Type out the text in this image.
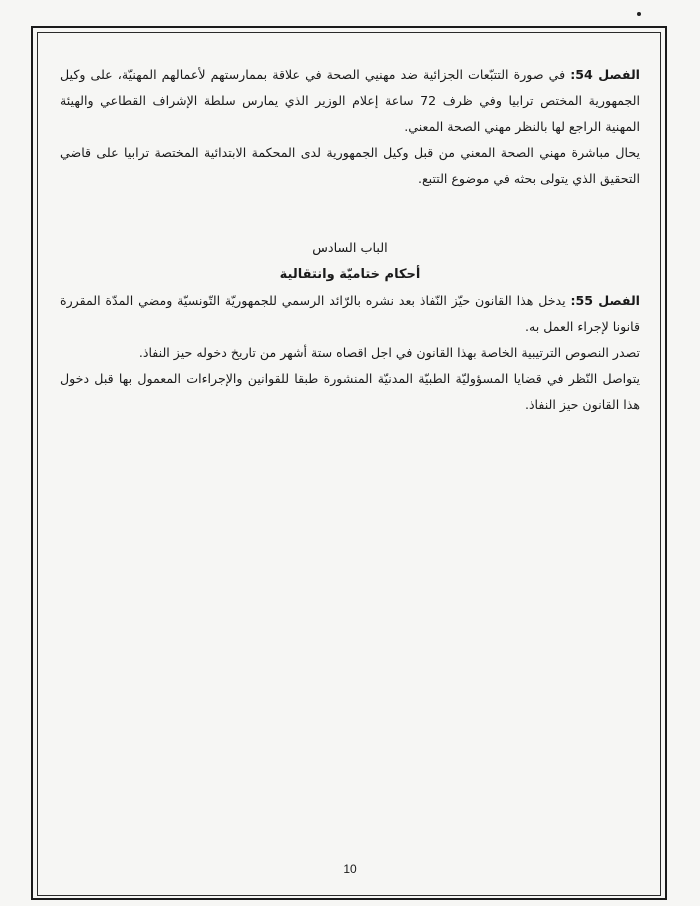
الفصل 54: في صورة التتبّعات الجزائية ضد مهنيي الصحة في علاقة بممارستهم لأعمالهم المهنيّة، على وكيل الجمهورية المختص ترابيا وفي ظرف 72 ساعة إعلام الوزير الذي يمارس سلطة الإشراف القطاعي والهيئة المهنية الراجع لها بالنظر مهني الصحة المعني.

يحال مباشرة مهني الصحة المعني من قبل وكيل الجمهورية لدى المحكمة الابتدائية المختصة ترابيا على قاضي التحقيق الذي يتولى بحثه في موضوع التتبع.

الباب السادس

أحكام ختاميّة وانتقالية

الفصل 55: يدخل هذا القانون حيّز النّفاذ بعد نشره بالرّائد الرسمي للجمهوريّة التّونسيّة ومضي المدّة المقررة قانونا لإجراء العمل به.

تصدر النصوص الترتيبية الخاصة بهذا القانون في اجل اقصاه ستة أشهر من تاريخ دخوله حيز النفاذ.

يتواصل النّظر في قضايا المسؤوليّة الطبيّة المدنيّة المنشورة طبقا للقوانين والإجراءات المعمول بها قبل دخول هذا القانون حيز النفاذ.

10
